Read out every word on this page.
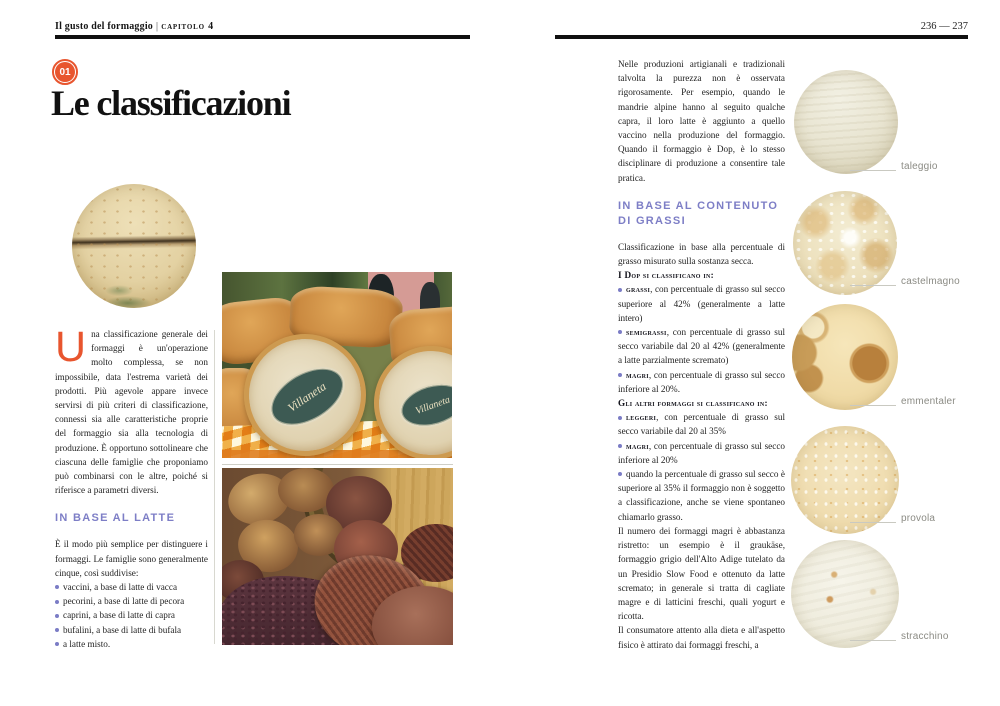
Il gusto del formaggio | capitolo 4	236 — 237
01
Le classificazioni

Una classificazione generale dei formaggi è un'operazione molto complessa, se non impossibile, data l'estrema varietà dei prodotti. Più agevole appare invece servirsi di più criteri di classificazione, connessi sia alle caratteristiche proprie del formaggio sia alla tecnologia di produzione. È opportuno sottolineare che ciascuna delle famiglie che proponiamo può combinarsi con le altre, poiché si riferisce a parametri diversi.

IN BASE AL LATTE

È il modo più semplice per distinguere i formaggi. Le famiglie sono generalmente cinque, così suddivise:

vaccini, a base di latte di vacca

pecorini, a base di latte di pecora

caprini, a base di latte di capra

bufalini, a base di latte di bufala

a latte misto.

Villaneta	Villaneta

Nelle produzioni artigianali e tradizionali talvolta la purezza non è osservata rigorosamente. Per esempio, quando le mandrie alpine hanno al seguito qualche capra, il loro latte è aggiunto a quello vaccino nella produzione del formaggio. Quando il formaggio è Dop, è lo stesso disciplinare di produzione a consentire tale pratica.

IN BASE AL CONTENUTO
DI GRASSI

Classificazione in base alla percentuale di grasso misurato sulla sostanza secca.

I Dop si classificano in:

grassi, con percentuale di grasso sul secco superiore al 42% (generalmente a latte intero)

semigrassi, con percentuale di grasso sul secco variabile dal 20 al 42% (generalmente a latte parzialmente scremato)

magri, con percentuale di grasso sul secco inferiore al 20%.

Gli altri formaggi si classificano in:

leggeri, con percentuale di grasso sul secco variabile dal 20 al 35%

magri, con percentuale di grasso sul secco inferiore al 20%

quando la percentuale di grasso sul secco è superiore al 35% il formaggio non è soggetto a classificazione, anche se viene spontaneo chiamarlo grasso.

Il numero dei formaggi magri è abbastanza ristretto: un esempio è il graukäse, formaggio grigio dell'Alto Adige tutelato da un Presidio Slow Food e ottenuto da latte scremato; in generale si tratta di cagliate magre e di latticini freschi, quali yogurt e ricotta.

Il consumatore attento alla dieta e all'aspetto fisico è attirato dai formaggi freschi, a

taleggio
castelmagno
emmentaler
provola
stracchino
